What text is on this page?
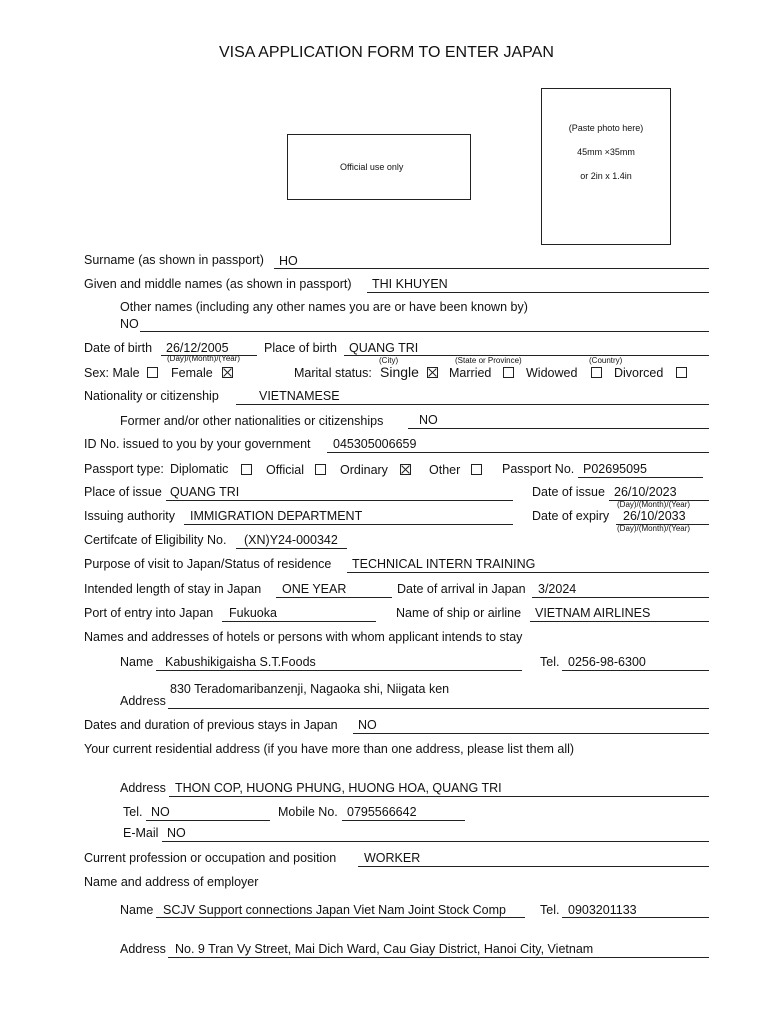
VISA APPLICATION FORM TO ENTER JAPAN
Official use only
(Paste photo here)
45mm ×35mm
or 2in x 1.4in
Surname (as shown in passport) HO
Given and middle names (as shown in passport) THI KHUYEN
Other names (including any other names you are or have been known by)
NO
Date of birth 26/12/2005
(Day)/(Month)/(Year)
Place of birth QUANG TRI
(City)	(State or Province)	(Country)
Sex: Male	Female	Marital status: Single Married	Widowed	Divorced
Nationality or citizenship	VIETNAMESE
Former and/or other nationalities or citizenships	NO
ID No. issued to you by your government 045305006659
Passport type: Diplomatic	Official	Ordinary	Other	Passport No. P02695095
Place of issue QUANG TRI	Date of issue 26/10/2023
(Day)/(Month)/(Year)
Issuing authority IMMIGRATION DEPARTMENT	Date of expiry 26/10/2033
(Day)/(Month)/(Year)
Certifcate of Eligibility No. (XN)Y24-000342
Purpose of visit to Japan/Status of residence TECHNICAL INTERN TRAINING
Intended length of stay in Japan ONE YEAR	Date of arrival in Japan 3/2024
Port of entry into Japan Fukuoka	Name of ship or airline VIETNAM AIRLINES
Names and addresses of hotels or persons with whom applicant intends to stay
Name Kabushikigaisha S.T.Foods	Tel. 0256-98-6300
830 Teradomaribanzenji, Nagaoka shi, Niigata ken
Address
Dates and duration of previous stays in Japan NO
Your current residential address (if you have more than one address, please list them all)
Address THON COP, HUONG PHUNG, HUONG HOA, QUANG TRI
Tel. NO	Mobile No. 0795566642
E-Mail NO
Current profession or occupation and position WORKER
Name and address of employer
Name SCJV Support connections Japan Viet Nam Joint Stock Comp	Tel. 0903201133
Address No. 9 Tran Vy Street, Mai Dich Ward, Cau Giay District, Hanoi City, Vietnam
